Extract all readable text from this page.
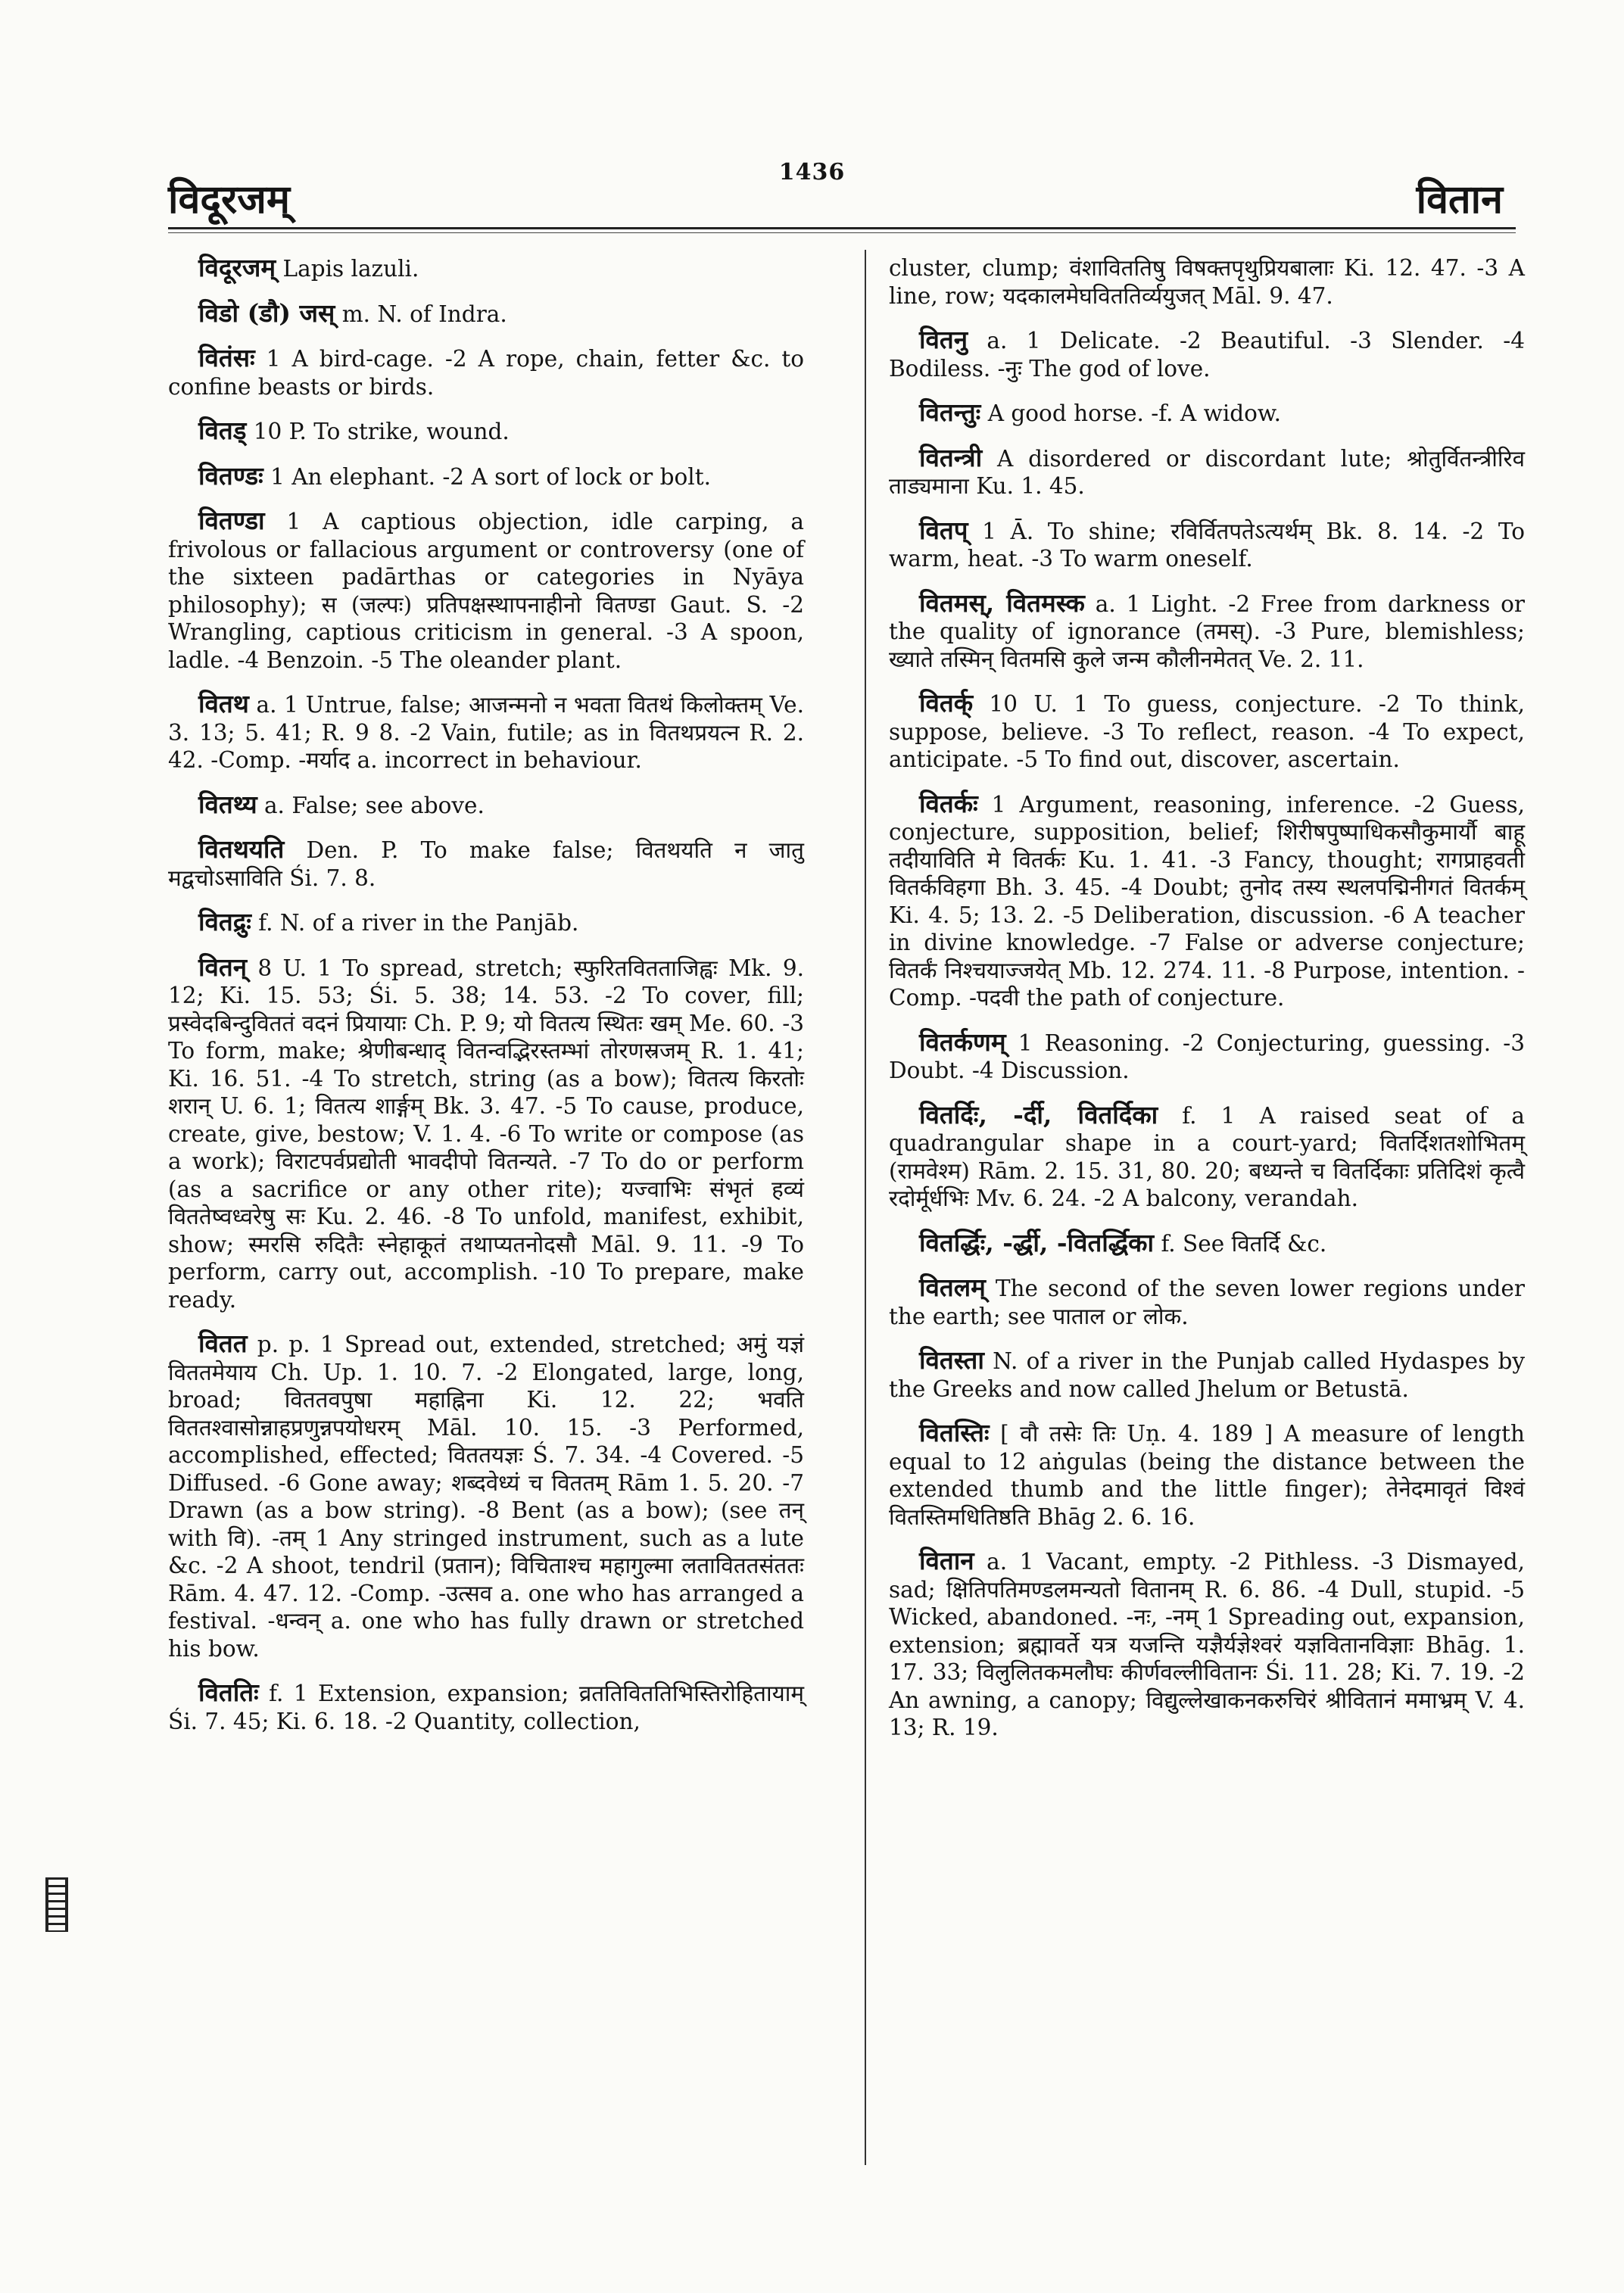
विदूरजम्
1436
वितान

विदूरजम् Lapis lazuli.

विडो (डौ) जस् m. N. of Indra.

वितंसः 1 A bird-cage. -2 A rope, chain, fetter &c. to confine beasts or birds.

वितड् 10 P. To strike, wound.

वितण्डः 1 An elephant. -2 A sort of lock or bolt.

वितण्डा 1 A captious objection, idle carping, a frivolous or fallacious argument or controversy (one of the sixteen padārthas or categories in Nyāya philosophy); स (जल्पः) प्रतिपक्षस्थापनाहीनो वितण्डा Gaut. S. -2 Wrangling, captious criticism in general. -3 A spoon, ladle. -4 Benzoin. -5 The oleander plant.

वितथ a. 1 Untrue, false; आजन्मनो न भवता वितथं किलोक्तम् Ve. 3. 13; 5. 41; R. 9 8. -2 Vain, futile; as in वितथप्रयत्न R. 2. 42. -Comp. -मर्याद a. incorrect in behaviour.

वितथ्य a. False; see above.

वितथयति Den. P. To make false; वितथयति न जातु मद्वचोऽसाविति Śi. 7. 8.

वितद्रुः f. N. of a river in the Panjāb.

वितन् 8 U. 1 To spread, stretch; स्फुरितवितताजिह्वः Mk. 9. 12; Ki. 15. 53; Śi. 5. 38; 14. 53. -2 To cover, fill; प्रस्वेदबिन्दुविततं वदनं प्रियायाः Ch. P. 9; यो वितत्य स्थितः खम् Me. 60. -3 To form, make; श्रेणीबन्धाद् वितन्वद्भिरस्तम्भां तोरणस्रजम् R. 1. 41; Ki. 16. 51. -4 To stretch, string (as a bow); वितत्य किरतोः शरान् U. 6. 1; वितत्य शार्ङ्गम् Bk. 3. 47. -5 To cause, produce, create, give, bestow; V. 1. 4. -6 To write or compose (as a work); विराटपर्वप्रद्योती भावदीपो वितन्यते. -7 To do or perform (as a sacrifice or any other rite); यज्वाभिः संभृतं हव्यं विततेष्वध्वरेषु सः Ku. 2. 46. -8 To unfold, manifest, exhibit, show; स्मरसि रुदितैः स्नेहाकूतं तथाप्यतनोदसौ Māl. 9. 11. -9 To perform, carry out, accomplish. -10 To prepare, make ready.

वितत p. p. 1 Spread out, extended, stretched; अमुं यज्ञं विततमेयाय Ch. Up. 1. 10. 7. -2 Elongated, large, long, broad; विततवपुषा महाह्निना Ki. 12. 22; भवति विततश्वासोन्नाहप्रणुन्नपयोधरम् Māl. 10. 15. -3 Performed, accomplished, effected; विततयज्ञः Ś. 7. 34. -4 Covered. -5 Diffused. -6 Gone away; शब्दवेध्यं च विततम् Rām 1. 5. 20. -7 Drawn (as a bow string). -8 Bent (as a bow); (see तन् with वि). -तम् 1 Any stringed instrument, such as a lute &c. -2 A shoot, tendril (प्रतान); विचिताश्च महागुल्मा लताविततसंततः Rām. 4. 47. 12. -Comp. -उत्सव a. one who has arranged a festival. -धन्वन् a. one who has fully drawn or stretched his bow.

विततिः f. 1 Extension, expansion; व्रततिविततिभिस्तिरोहितायाम् Śi. 7. 45; Ki. 6. 18. -2 Quantity, collection,

cluster, clump; वंशाविततिषु विषक्तपृथुप्रियबालाः Ki. 12. 47. -3 A line, row; यदकालमेघविततिर्व्ययुजत् Māl. 9. 47.

वितनु a. 1 Delicate. -2 Beautiful. -3 Slender. -4 Bodiless. -नुः The god of love.

वितन्तुः A good horse. -f. A widow.

वितन्त्री A disordered or discordant lute; श्रोतुर्वितन्त्रीरिव ताड्यमाना Ku. 1. 45.

वितप् 1 Ā. To shine; रविर्वितपतेऽत्यर्थम् Bk. 8. 14. -2 To warm, heat. -3 To warm oneself.

वितमस्, वितमस्क a. 1 Light. -2 Free from darkness or the quality of ignorance (तमस्). -3 Pure, blemishless; ख्याते तस्मिन् वितमसि कुले जन्म कौलीनमेतत् Ve. 2. 11.

वितर्क् 10 U. 1 To guess, conjecture. -2 To think, suppose, believe. -3 To reflect, reason. -4 To expect, anticipate. -5 To find out, discover, ascertain.

वितर्कः 1 Argument, reasoning, inference. -2 Guess, conjecture, supposition, belief; शिरीषपुष्पाधिकसौकुमार्यौ बाहू तदीयाविति मे वितर्कः Ku. 1. 41. -3 Fancy, thought; रागप्राहवती वितर्कविहगा Bh. 3. 45. -4 Doubt; तुनोद तस्य स्थलपद्मिनीगतं वितर्कम् Ki. 4. 5; 13. 2. -5 Deliberation, discussion. -6 A teacher in divine knowledge. -7 False or adverse conjecture; वितर्कं निश्चयाज्जयेत् Mb. 12. 274. 11. -8 Purpose, intention. -Comp. -पदवी the path of conjecture.

वितर्कणम् 1 Reasoning. -2 Conjecturing, guessing. -3 Doubt. -4 Discussion.

वितर्दिः, -र्दी, वितर्दिका f. 1 A raised seat of a quadrangular shape in a court-yard; वितर्दिशतशोभितम् (रामवेश्म) Rām. 2. 15. 31, 80. 20; बध्यन्ते च वितर्दिकाः प्रतिदिशं कृत्वै रदोर्मूर्धभिः Mv. 6. 24. -2 A balcony, verandah.

वितर्द्धिः, -र्द्धी, -वितर्द्धिका f. See वितर्दि &c.

वितलम् The second of the seven lower regions under the earth; see पाताल or लोक.

वितस्ता N. of a river in the Punjab called Hydaspes by the Greeks and now called Jhelum or Betustā.

वितस्तिः [ वौ तसेः तिः Uṇ. 4. 189 ] A measure of length equal to 12 aṅgulas (being the distance between the extended thumb and the little finger); तेनेदमावृतं विश्वं वितस्तिमधितिष्ठति Bhāg 2. 6. 16.

वितान a. 1 Vacant, empty. -2 Pithless. -3 Dismayed, sad; क्षितिपतिमण्डलमन्यतो वितानम् R. 6. 86. -4 Dull, stupid. -5 Wicked, abandoned. -नः, -नम् 1 Spreading out, expansion, extension; ब्रह्मावर्ते यत्र यजन्ति यज्ञैर्यज्ञेश्वरं यज्ञवितानविज्ञाः Bhāg. 1. 17. 33; विलुलितकमलौघः कीर्णवल्लीवितानः Śi. 11. 28; Ki. 7. 19. -2 An awning, a canopy; विद्युल्लेखाकनकरुचिरं श्रीवितानं ममाभ्रम् V. 4. 13; R. 19.
